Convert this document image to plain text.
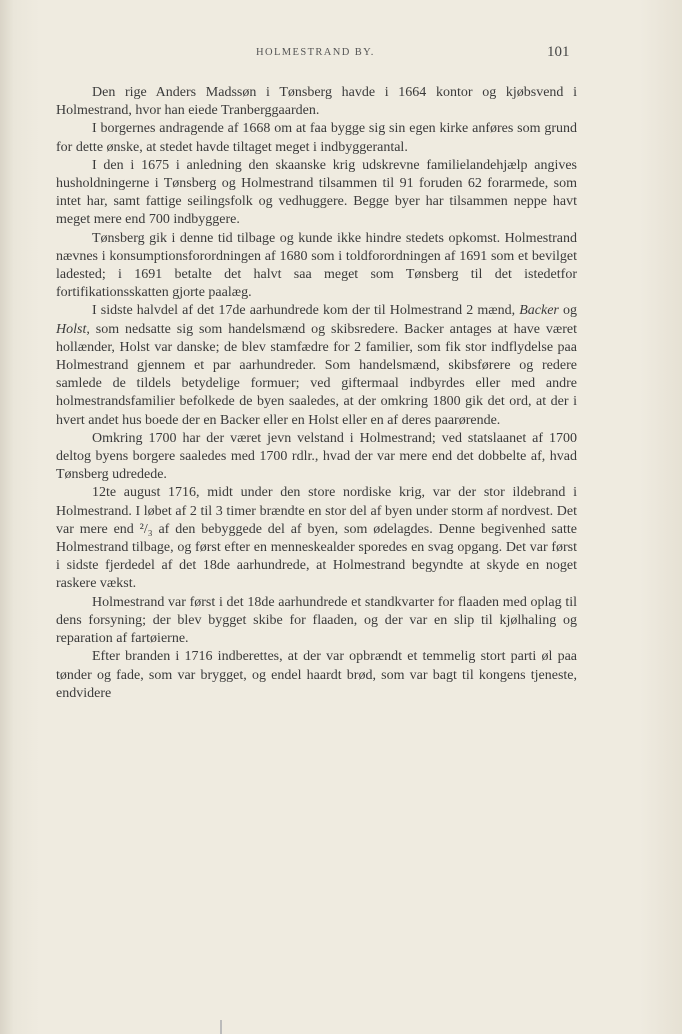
HOLMESTRAND BY.	101

Den rige Anders Madssøn i Tønsberg havde i 1664 kontor og kjøbsvend i Holmestrand, hvor han eiede Tranberggaarden.

I borgernes andragende af 1668 om at faa bygge sig sin egen kirke anføres som grund for dette ønske, at stedet havde tiltaget meget i indbyggerantal.

I den i 1675 i anledning den skaanske krig udskrevne familielandehjælp angives husholdningerne i Tønsberg og Holmestrand tilsammen til 91 foruden 62 forarmede, som intet har, samt fattige seilingsfolk og vedhuggere. Begge byer har tilsammen neppe havt meget mere end 700 indbyggere.

Tønsberg gik i denne tid tilbage og kunde ikke hindre stedets opkomst. Holmestrand nævnes i konsumptionsforordningen af 1680 som i toldforordningen af 1691 som et bevilget ladested; i 1691 betalte det halvt saa meget som Tønsberg til det istedetfor fortifikationsskatten gjorte paalæg.

I sidste halvdel af det 17de aarhundrede kom der til Holmestrand 2 mænd, Backer og Holst, som nedsatte sig som handelsmænd og skibsredere. Backer antages at have været hollænder, Holst var danske; de blev stamfædre for 2 familier, som fik stor indflydelse paa Holmestrand gjennem et par aarhundreder. Som handelsmænd, skibsførere og redere samlede de tildels betydelige formuer; ved giftermaal indbyrdes eller med andre holmestrandsfamilier befolkede de byen saaledes, at der omkring 1800 gik det ord, at der i hvert andet hus boede der en Backer eller en Holst eller en af deres paarørende.

Omkring 1700 har der været jevn velstand i Holmestrand; ved statslaanet af 1700 deltog byens borgere saaledes med 1700 rdlr., hvad der var mere end det dobbelte af, hvad Tønsberg udredede.

12te august 1716, midt under den store nordiske krig, var der stor ildebrand i Holmestrand. I løbet af 2 til 3 timer brændte en stor del af byen under storm af nordvest. Det var mere end ²/₃ af den bebyggede del af byen, som ødelagdes. Denne begivenhed satte Holmestrand tilbage, og først efter en menneskealder sporedes en svag opgang. Det var først i sidste fjerdedel af det 18de aarhundrede, at Holmestrand begyndte at skyde en noget raskere vækst.

Holmestrand var først i det 18de aarhundrede et standkvarter for flaaden med oplag til dens forsyning; der blev bygget skibe for flaaden, og der var en slip til kjølhaling og reparation af fartøierne.

Efter branden i 1716 indberettes, at der var opbrændt et temmelig stort parti øl paa tønder og fade, som var brygget, og endel haardt brød, som var bagt til kongens tjeneste, endvidere
